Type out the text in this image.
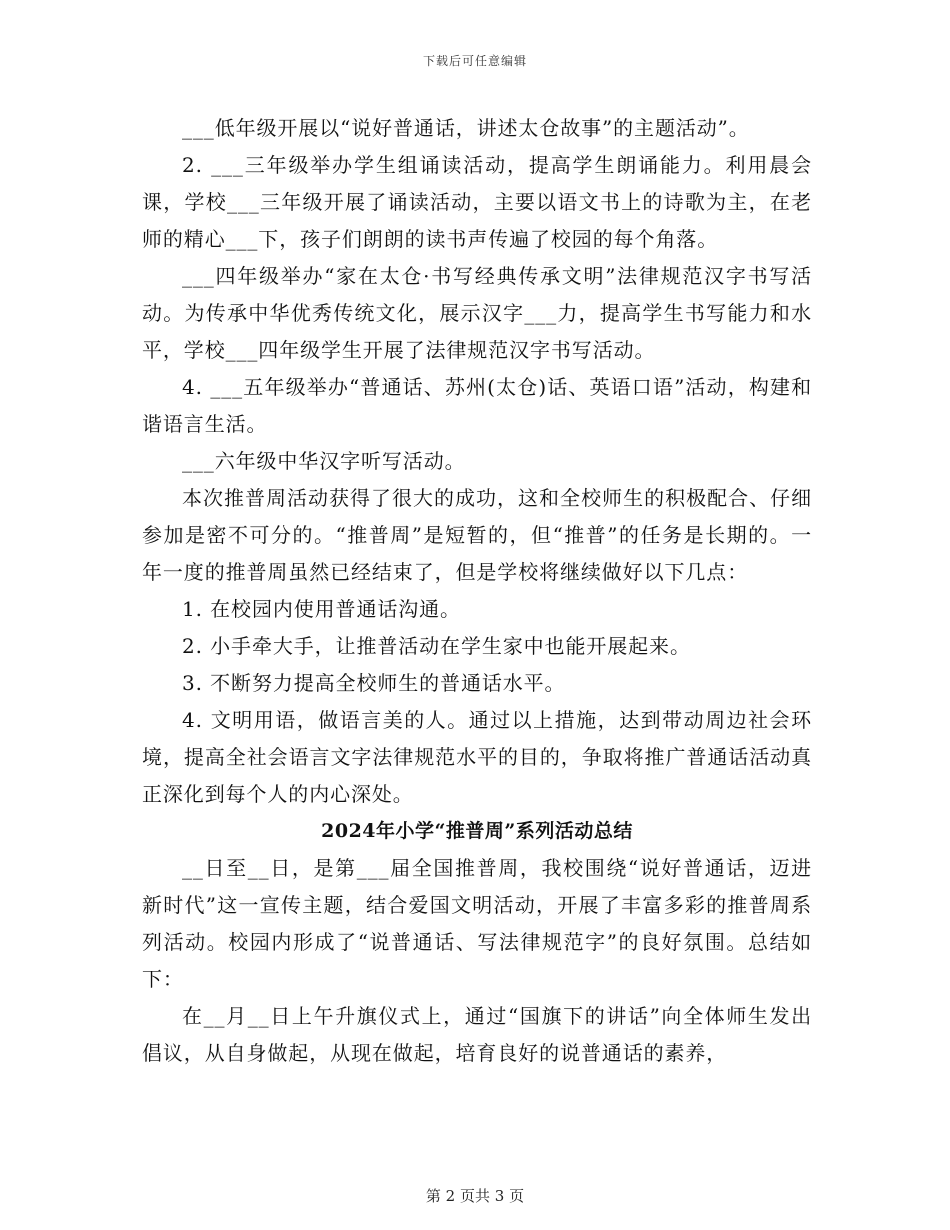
下载后可任意编辑

___低年级开展以“说好普通话，讲述太仓故事”的主题活动”。

2. ___三年级举办学生组诵读活动，提高学生朗诵能力。利用晨会课，学校___三年级开展了诵读活动，主要以语文书上的诗歌为主，在老师的精心___下，孩子们朗朗的读书声传遍了校园的每个角落。

___四年级举办“家在太仓·书写经典传承文明”法律规范汉字书写活动。为传承中华优秀传统文化，展示汉字___力，提高学生书写能力和水平，学校___四年级学生开展了法律规范汉字书写活动。

4. ___五年级举办“普通话、苏州(太仓)话、英语口语”活动，构建和谐语言生活。

___六年级中华汉字听写活动。

本次推普周活动获得了很大的成功，这和全校师生的积极配合、仔细参加是密不可分的。“推普周”是短暂的，但“推普”的任务是长期的。一年一度的推普周虽然已经结束了，但是学校将继续做好以下几点：

1. 在校园内使用普通话沟通。

2. 小手牵大手，让推普活动在学生家中也能开展起来。

3. 不断努力提高全校师生的普通话水平。

4. 文明用语，做语言美的人。通过以上措施，达到带动周边社会环境，提高全社会语言文字法律规范水平的目的，争取将推广普通话活动真正深化到每个人的内心深处。

2024年小学“推普周”系列活动总结

__日至__日，是第___届全国推普周，我校围绕“说好普通话，迈进新时代”这一宣传主题，结合爱国文明活动，开展了丰富多彩的推普周系列活动。校园内形成了“说普通话、写法律规范字”的良好氛围。总结如下：

在__月__日上午升旗仪式上，通过“国旗下的讲话”向全体师生发出倡议，从自身做起，从现在做起，培育良好的说普通话的素养，

第 2 页共 3 页
